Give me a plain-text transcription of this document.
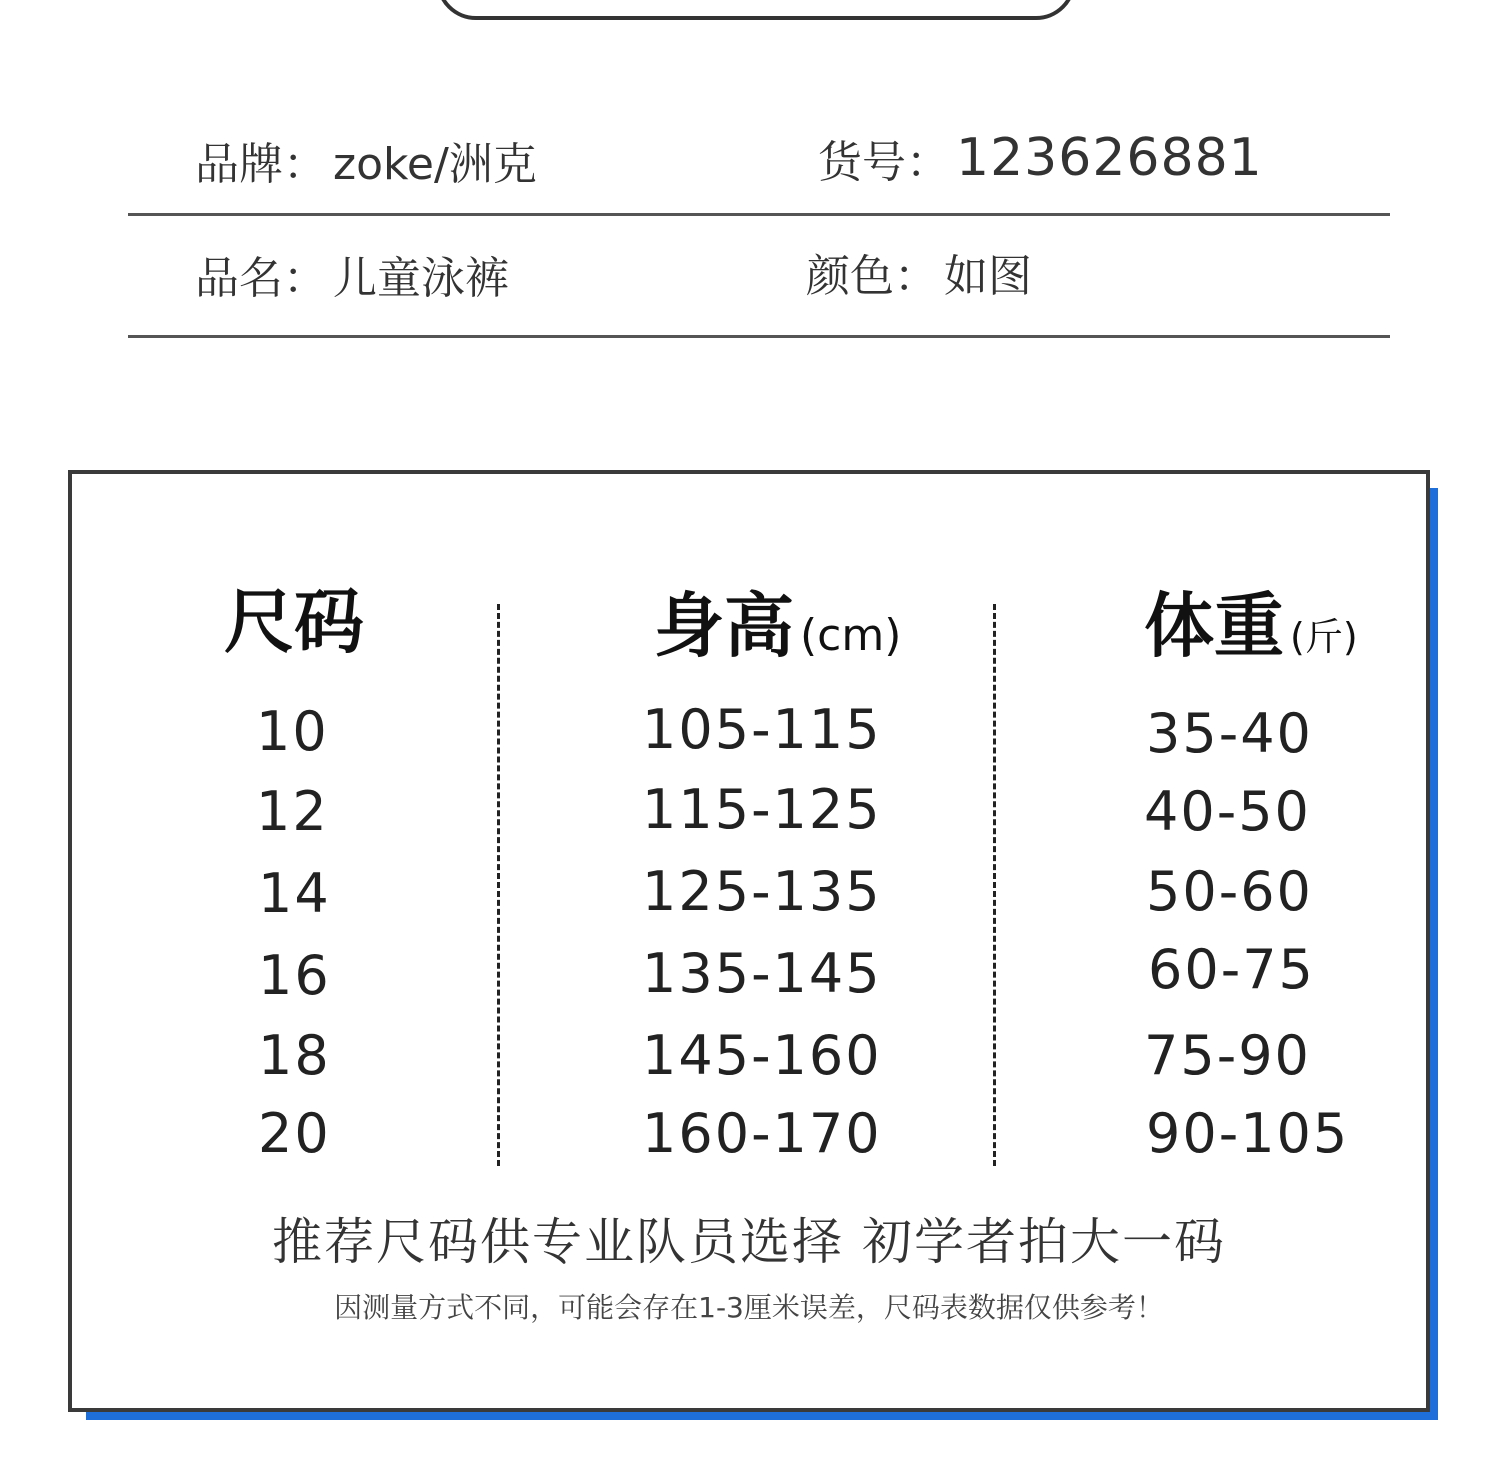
品牌： zoke/洲克	货号： 123626881
品名： 儿童泳裤	颜色： 如图
尺码	身高 (cm)	体重 (斤)
10	105-115	35-40
12	115-125	40-50
14	125-135	50-60
16	135-145	60-75
18	145-160	75-90
20	160-170	90-105
推荐尺码供专业队员选择 初学者拍大一码
因测量方式不同，可能会存在1-3厘米误差，尺码表数据仅供参考！
